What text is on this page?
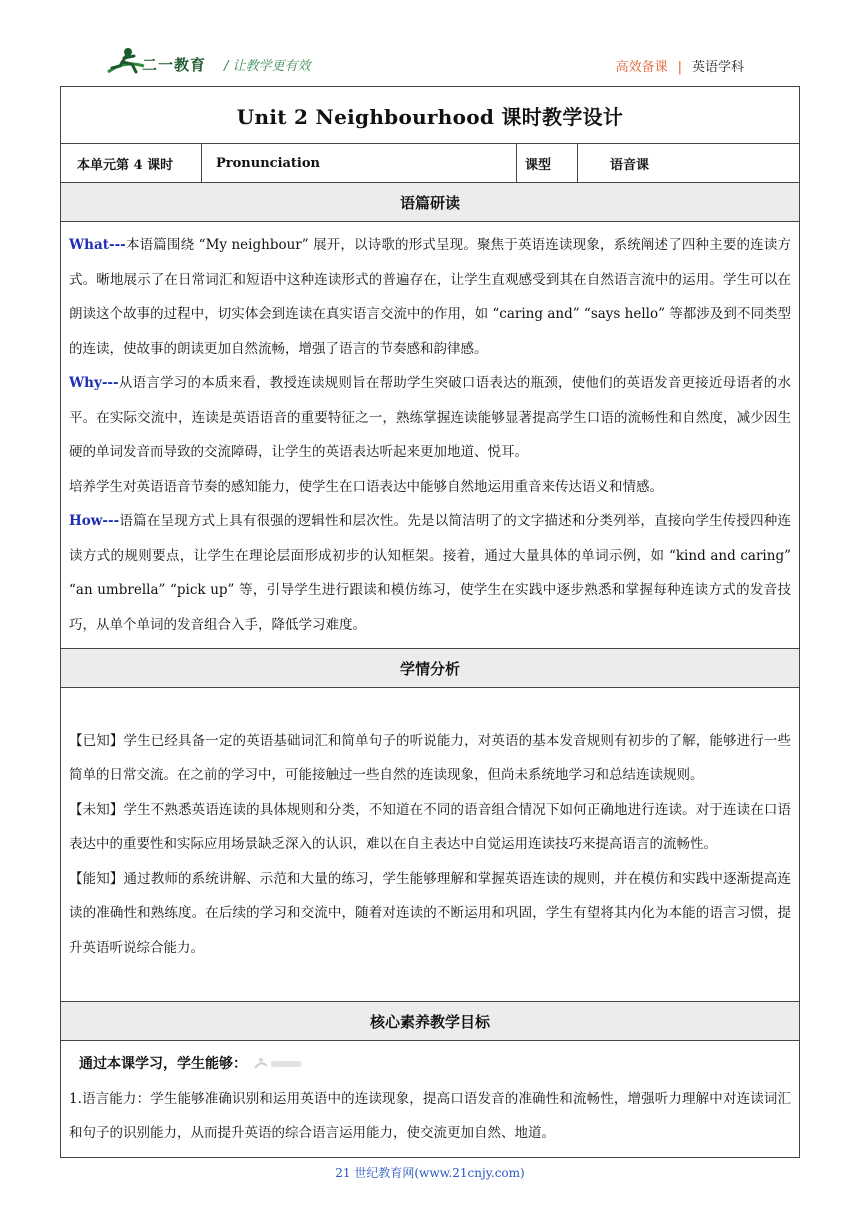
二一教育 / 让教学更有效	高效备课 | 英语学科
Unit 2 Neighbourhood 课时教学设计
本单元第 4 课时	Pronunciation	课型	语音课
语篇研读

What---本语篇围绕 “My neighbour” 展开，以诗歌的形式呈现。聚焦于英语连读现象，系统阐述了四种主要的连读方式。晰地展示了在日常词汇和短语中这种连读形式的普遍存在，让学生直观感受到其在自然语言流中的运用。学生可以在朗读这个故事的过程中，切实体会到连读在真实语言交流中的作用，如 “caring and” “says hello” 等都涉及到不同类型的连读，使故事的朗读更加自然流畅，增强了语言的节奏感和韵律感。

Why---从语言学习的本质来看，教授连读规则旨在帮助学生突破口语表达的瓶颈，使他们的英语发音更接近母语者的水平。在实际交流中，连读是英语语音的重要特征之一，熟练掌握连读能够显著提高学生口语的流畅性和自然度，减少因生硬的单词发音而导致的交流障碍，让学生的英语表达听起来更加地道、悦耳。

培养学生对英语语音节奏的感知能力，使学生在口语表达中能够自然地运用重音来传达语义和情感。

How---语篇在呈现方式上具有很强的逻辑性和层次性。先是以简洁明了的文字描述和分类列举，直接向学生传授四种连读方式的规则要点，让学生在理论层面形成初步的认知框架。接着，通过大量具体的单词示例，如 “kind and caring” “an umbrella” “pick up” 等，引导学生进行跟读和模仿练习，使学生在实践中逐步熟悉和掌握每种连读方式的发音技巧，从单个单词的发音组合入手，降低学习难度。

学情分析

【已知】学生已经具备一定的英语基础词汇和简单句子的听说能力，对英语的基本发音规则有初步的了解，能够进行一些简单的日常交流。在之前的学习中，可能接触过一些自然的连读现象，但尚未系统地学习和总结连读规则。

【未知】学生不熟悉英语连读的具体规则和分类，不知道在不同的语音组合情况下如何正确地进行连读。对于连读在口语表达中的重要性和实际应用场景缺乏深入的认识，难以在自主表达中自觉运用连读技巧来提高语言的流畅性。

【能知】通过教师的系统讲解、示范和大量的练习，学生能够理解和掌握英语连读的规则，并在模仿和实践中逐渐提高连读的准确性和熟练度。在后续的学习和交流中，随着对连读的不断运用和巩固，学生有望将其内化为本能的语言习惯，提升英语听说综合能力。

核心素养教学目标

通过本课学习，学生能够：

1.语言能力：学生能够准确识别和运用英语中的连读现象，提高口语发音的准确性和流畅性，增强听力理解中对连读词汇和句子的识别能力，从而提升英语的综合语言运用能力，使交流更加自然、地道。

21 世纪教育网(www.21cnjy.com)
